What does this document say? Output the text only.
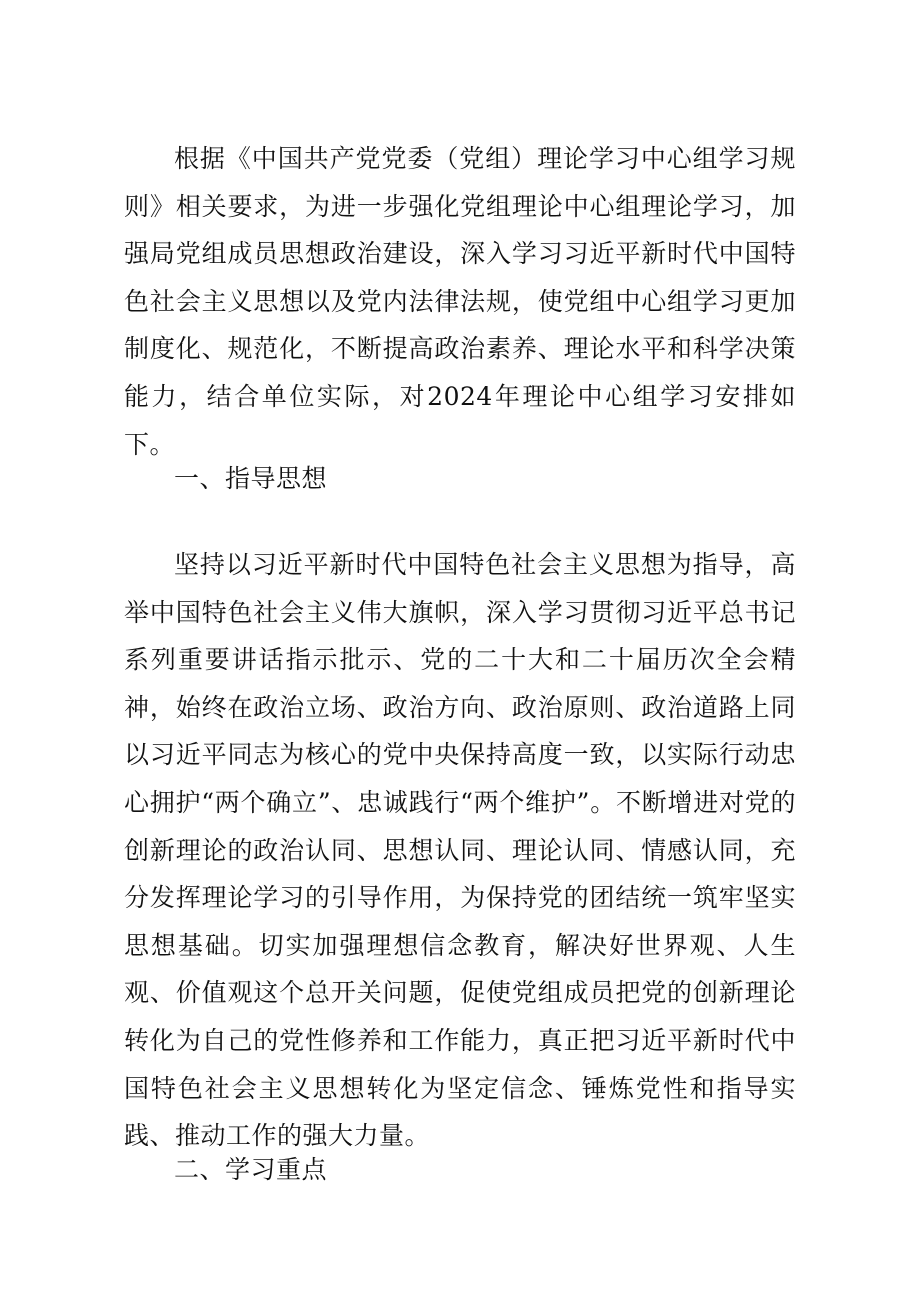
根据《中国共产党党委（党组）理论学习中心组学习规则》相关要求，为进一步强化党组理论中心组理论学习，加强局党组成员思想政治建设，深入学习习近平新时代中国特色社会主义思想以及党内法律法规，使党组中心组学习更加制度化、规范化，不断提高政治素养、理论水平和科学决策能力，结合单位实际，对2024年理论中心组学习安排如下。

一、指导思想

坚持以习近平新时代中国特色社会主义思想为指导，高举中国特色社会主义伟大旗帜，深入学习贯彻习近平总书记系列重要讲话指示批示、党的二十大和二十届历次全会精神，始终在政治立场、政治方向、政治原则、政治道路上同以习近平同志为核心的党中央保持高度一致，以实际行动忠心拥护“两个确立”、忠诚践行“两个维护”。不断增进对党的创新理论的政治认同、思想认同、理论认同、情感认同，充分发挥理论学习的引导作用，为保持党的团结统一筑牢坚实思想基础。切实加强理想信念教育，解决好世界观、人生观、价值观这个总开关问题，促使党组成员把党的创新理论转化为自己的党性修养和工作能力，真正把习近平新时代中国特色社会主义思想转化为坚定信念、锤炼党性和指导实践、推动工作的强大力量。

二、学习重点
